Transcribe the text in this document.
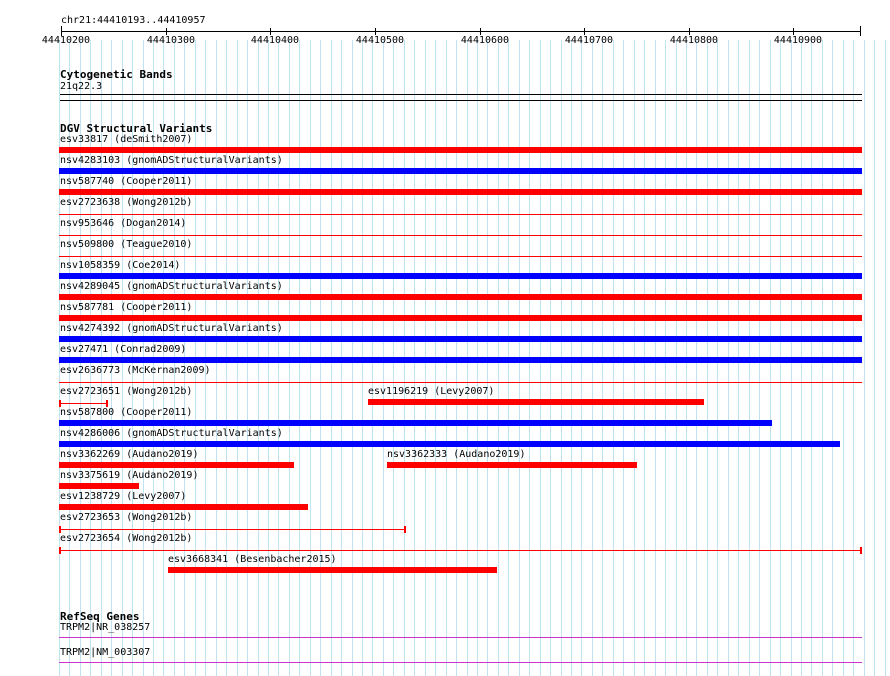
chr21:44410193..44410957
44410200	44410300	44410400	44410500	44410600	44410700	44410800	44410900
Cytogenetic Bands
21q22.3
DGV Structural Variants
esv33817 (deSmith2007)
nsv4283103 (gnomADStructuralVariants)
nsv587740 (Cooper2011)
esv2723638 (Wong2012b)
nsv953646 (Dogan2014)
nsv509800 (Teague2010)
nsv1058359 (Coe2014)
nsv4289045 (gnomADStructuralVariants)
nsv587781 (Cooper2011)
nsv4274392 (gnomADStructuralVariants)
esv27471 (Conrad2009)
esv2636773 (McKernan2009)
esv2723651 (Wong2012b)	esv1196219 (Levy2007)
nsv587800 (Cooper2011)
nsv4286006 (gnomADStructuralVariants)
nsv3362269 (Audano2019)	nsv3362333 (Audano2019)
nsv3375619 (Audano2019)
esv1238729 (Levy2007)
esv2723653 (Wong2012b)
esv2723654 (Wong2012b)
esv3668341 (Besenbacher2015)
RefSeq Genes
TRPM2|NR_038257
TRPM2|NM_003307
